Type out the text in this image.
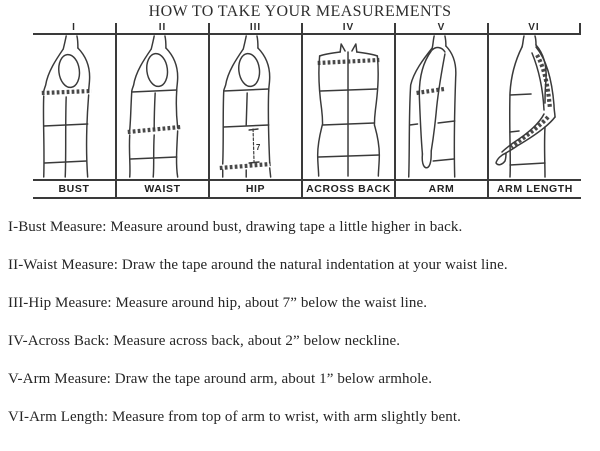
HOW TO TAKE YOUR MEASUREMENTS
I	II	III	IV	V	VI
7
BUST	WAIST	HIP	ACROSS BACK	ARM	ARM LENGTH

I-Bust Measure: Measure around bust, drawing tape a little higher in back.

II-Waist Measure: Draw the tape around the natural indentation at your waist line.

III-Hip Measure: Measure around hip, about 7” below the waist line.

IV-Across Back: Measure across back, about 2” below neckline.

V-Arm Measure: Draw the tape around arm, about 1” below armhole.

VI-Arm Length: Measure from top of arm to wrist, with arm slightly bent.
